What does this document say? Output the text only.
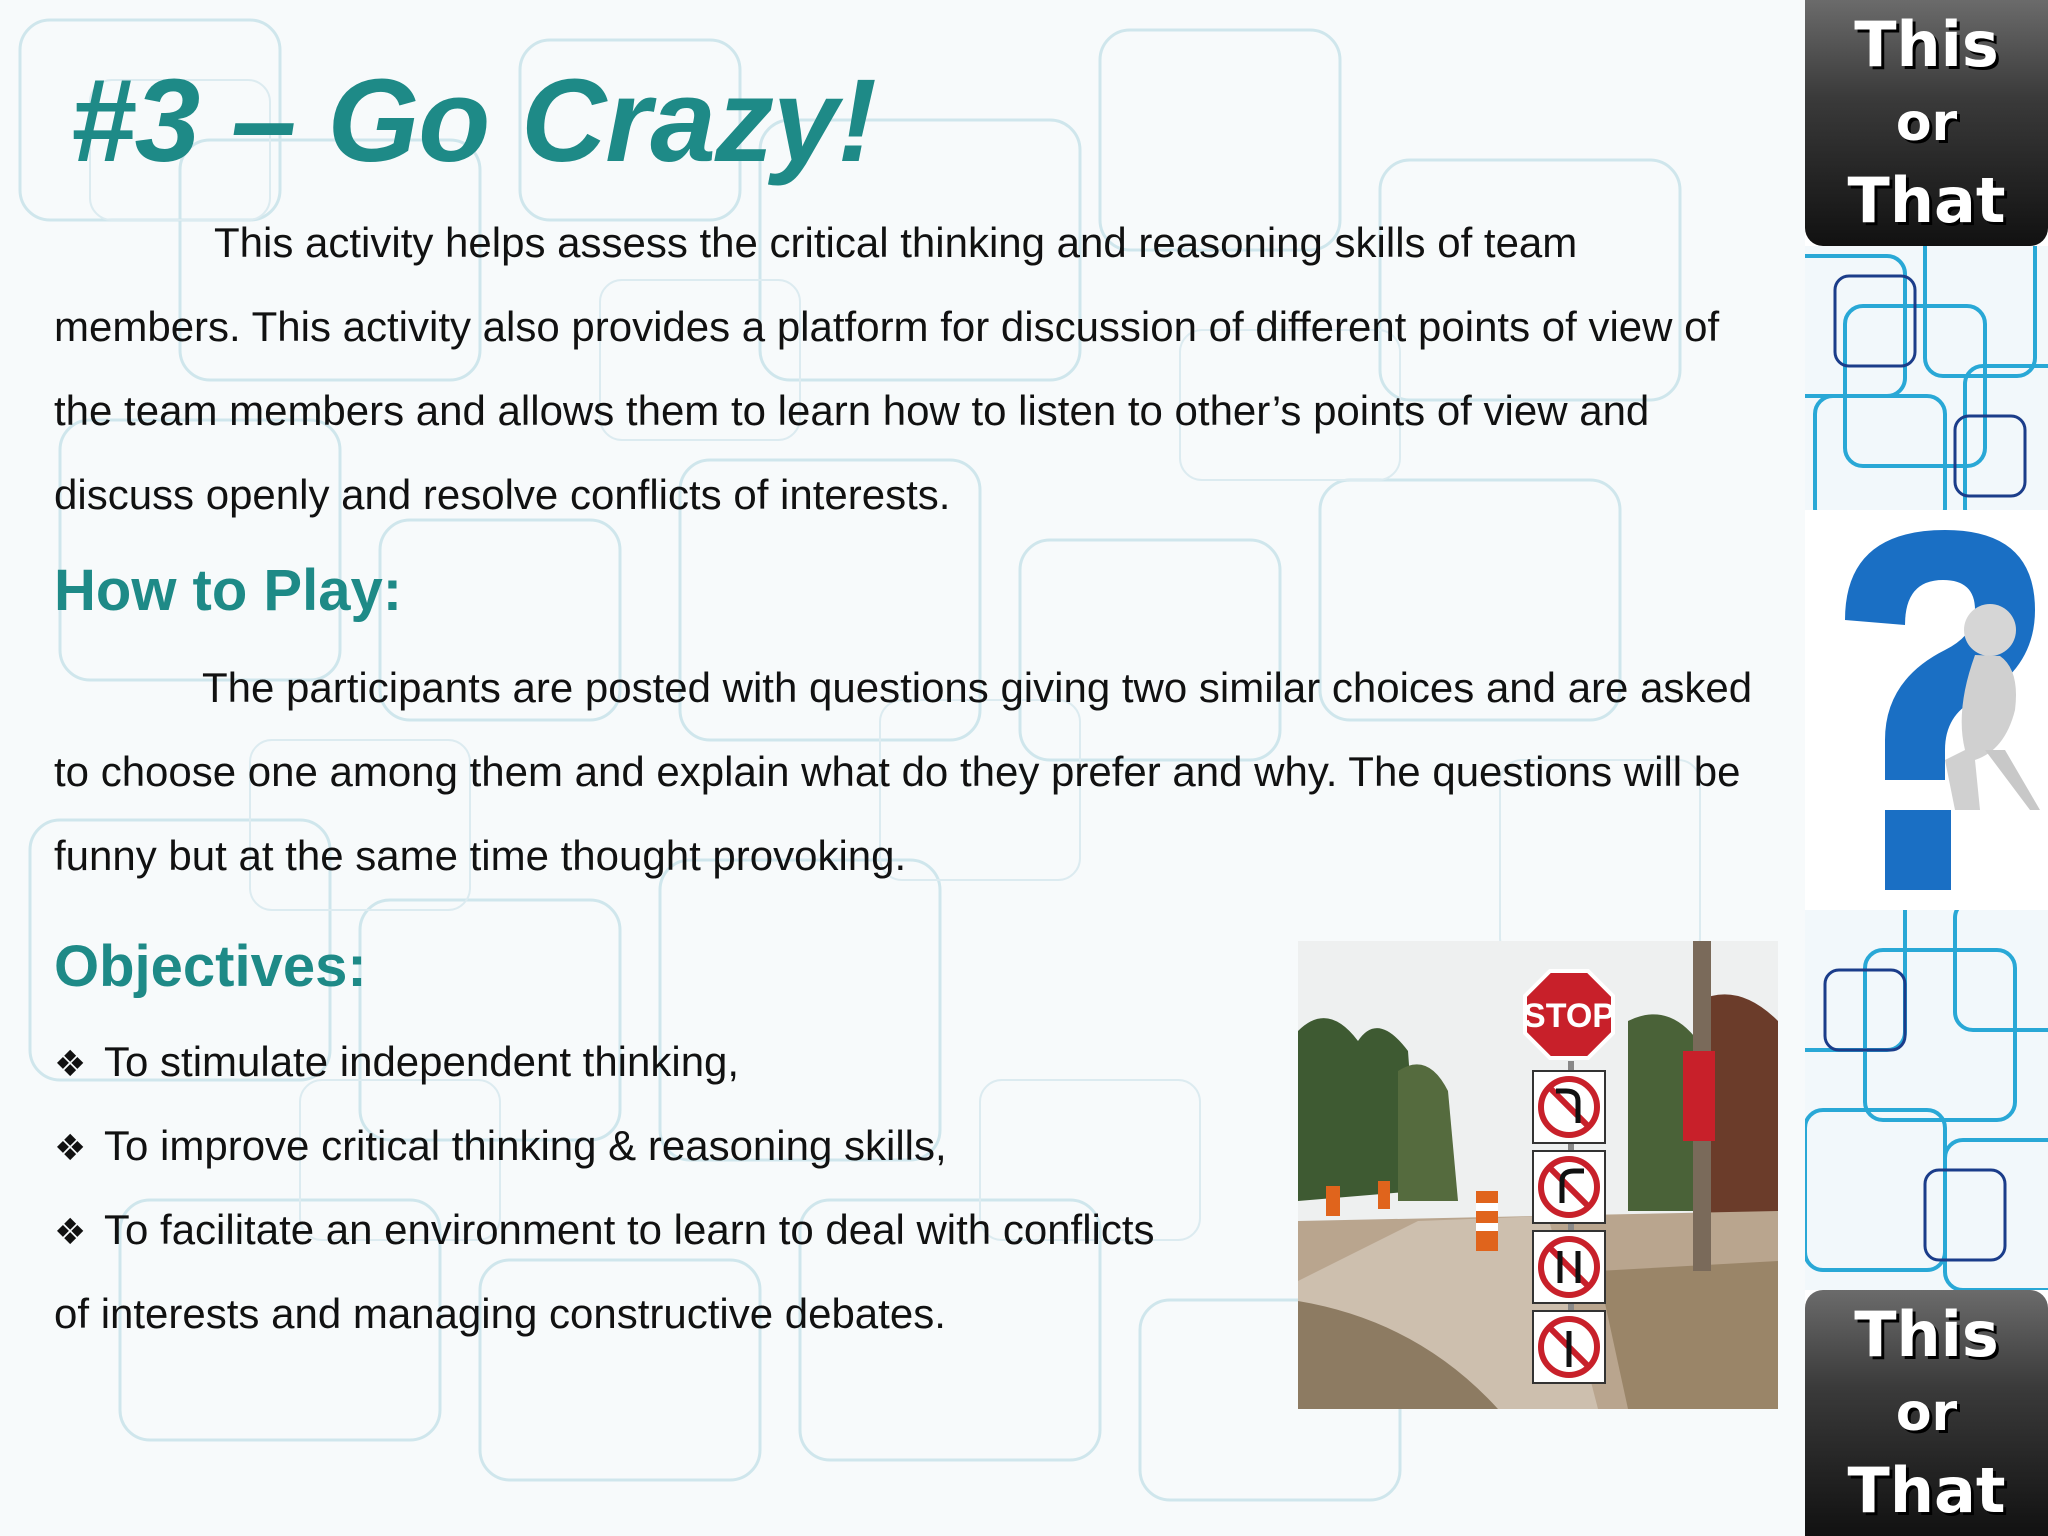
#3 – Go Crazy!

This activity helps assess the critical thinking and reasoning skills of team members. This activity also provides a platform for discussion of different points of view of the team members and allows them to learn how to listen to other’s points of view and discuss openly and resolve conflicts of interests.

How to Play:

The participants are posted with questions giving two similar choices and are asked to choose one among them and explain what do they prefer and why. The questions will be funny but at the same time thought provoking.

Objectives:

❖ To stimulate independent thinking,

❖ To improve critical thinking & reasoning skills,

❖ To facilitate an environment to learn to deal with conflicts

of interests and managing constructive debates.

STOP
This
or
That
This
or
That
